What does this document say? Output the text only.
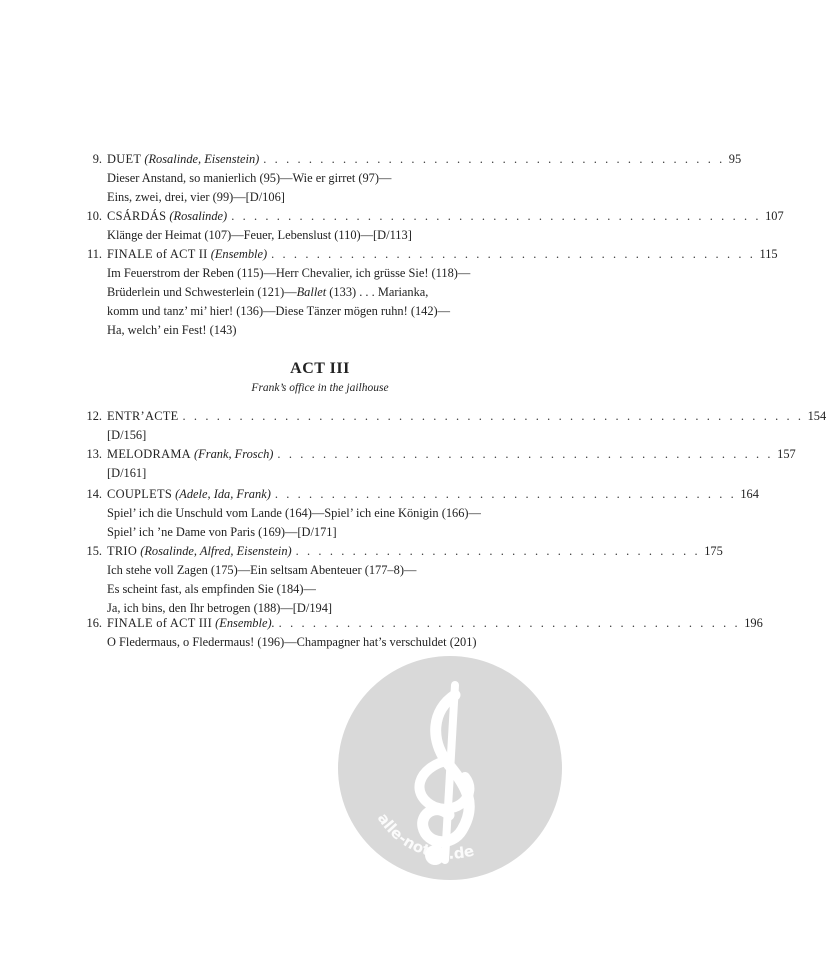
9. DUET (Rosalinde, Eisenstein) . . . . . . . . . . . . . . . . . . . . . . . . . . . . . . . . . . . . . . . . . 95
Dieser Anstand, so manierlich (95)—Wie er girret (97)—
Eins, zwei, drei, vier (99)—[D/106]
10. CSÁRDÁS (Rosalinde) . . . . . . . . . . . . . . . . . . . . . . . . . . . . . . . . . . . . . . . . . . . . . . . 107
Klänge der Heimat (107)—Feuer, Lebenslust (110)—[D/113]
11. FINALE of ACT II (Ensemble) . . . . . . . . . . . . . . . . . . . . . . . . . . . . . . . . . . . . . . . . . . . 115
Im Feuerstrom der Reben (115)—Herr Chevalier, ich grüsse Sie! (118)—
Brüderlein und Schwesterlein (121)—Ballet (133) . . . Marianka,
komm und tanz’ mi’ hier! (136)—Diese Tänzer mögen ruhn! (142)—
Ha, welch’ ein Fest! (143)
ACT III
Frank’s office in the jailhouse
12. ENTR’ACTE . . . . . . . . . . . . . . . . . . . . . . . . . . . . . . . . . . . . . . . . . . . . . . . . . . . . . . . 154
[D/156]
13. MELODRAMA (Frank, Frosch) . . . . . . . . . . . . . . . . . . . . . . . . . . . . . . . . . . . . . . . . . . . . 157
[D/161]
14. COUPLETS (Adele, Ida, Frank) . . . . . . . . . . . . . . . . . . . . . . . . . . . . . . . . . . . . . . . . . 164
Spiel’ ich die Unschuld vom Lande (164)—Spiel’ ich eine Königin (166)—
Spiel’ ich ’ne Dame von Paris (169)—[D/171]
15. TRIO (Rosalinde, Alfred, Eisenstein) . . . . . . . . . . . . . . . . . . . . . . . . . . . . . . . . . . . . 175
Ich stehe voll Zagen (175)—Ein seltsam Abenteuer (177–8)—
Es scheint fast, als empfinden Sie (184)—
Ja, ich bins, den Ihr betrogen (188)—[D/194]
16. FINALE of ACT III (Ensemble). . . . . . . . . . . . . . . . . . . . . . . . . . . . . . . . . . . . . . . . . . 196
O Fledermaus, o Fledermaus! (196)—Champagner hat’s verschuldet (201)
alle-noten.de
